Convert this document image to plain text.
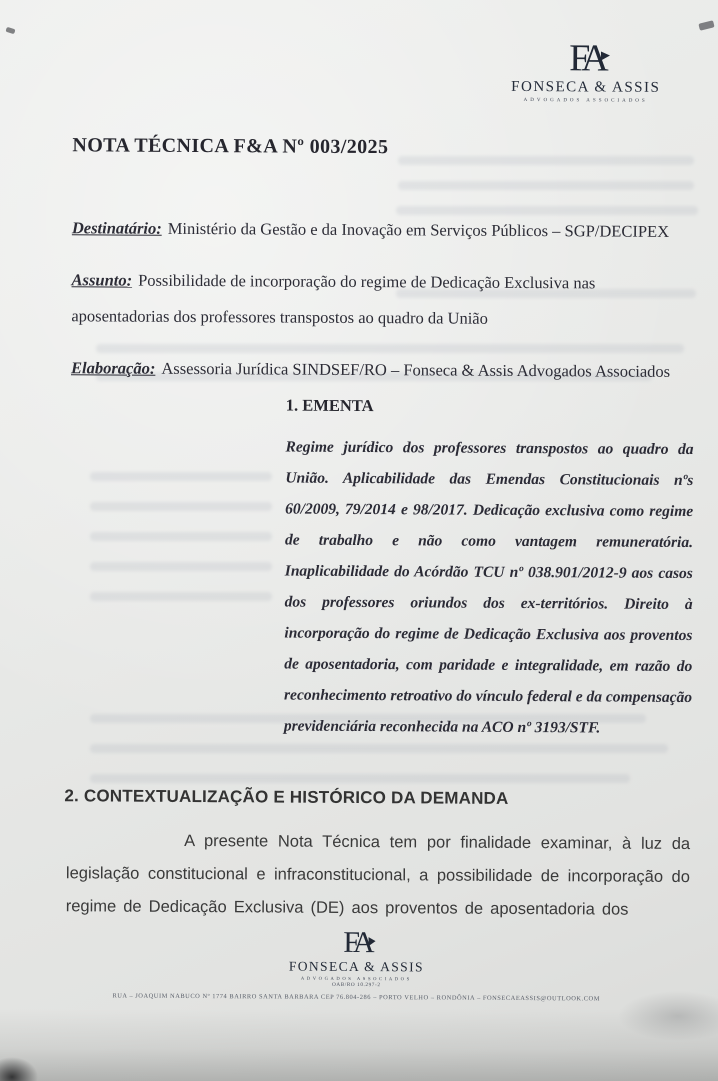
FA
FONSECA & ASSIS
ADVOGADOS ASSOCIADOS
NOTA TÉCNICA F&A Nº 003/2025
Destinatário: Ministério da Gestão e da Inovação em Serviços Públicos – SGP/DECIPEX
Assunto: Possibilidade de incorporação do regime de Dedicação Exclusiva nas aposentadorias dos professores transpostos ao quadro da União
Elaboração: Assessoria Jurídica SINDSEF/RO – Fonseca & Assis Advogados Associados
1. EMENTA
Regime jurídico dos professores transpostos ao quadro da União. Aplicabilidade das Emendas Constitucionais nºs 60/2009, 79/2014 e 98/2017. Dedicação exclusiva como regime de trabalho e não como vantagem remuneratória. Inaplicabilidade do Acórdão TCU nº 038.901/2012-9 aos casos dos professores oriundos dos ex-territórios. Direito à incorporação do regime de Dedicação Exclusiva aos proventos de aposentadoria, com paridade e integralidade, em razão do reconhecimento retroativo do vínculo federal e da compensação previdenciária reconhecida na ACO nº 3193/STF.
2. CONTEXTUALIZAÇÃO E HISTÓRICO DA DEMANDA
A presente Nota Técnica tem por finalidade examinar, à luz da legislação constitucional e infraconstitucional, a possibilidade de incorporação do regime de Dedicação Exclusiva (DE) aos proventos de aposentadoria dos
FA
FONSECA & ASSIS
ADVOGADOS ASSOCIADOS
OAB/RO 10.297-2
RUA – JOAQUIM NABUCO Nº 1774 BAIRRO SANTA BARBARA CEP 76.804-286 – PORTO VELHO – RONDÔNIA – FONSECAEASSIS@OUTLOOK.COM
